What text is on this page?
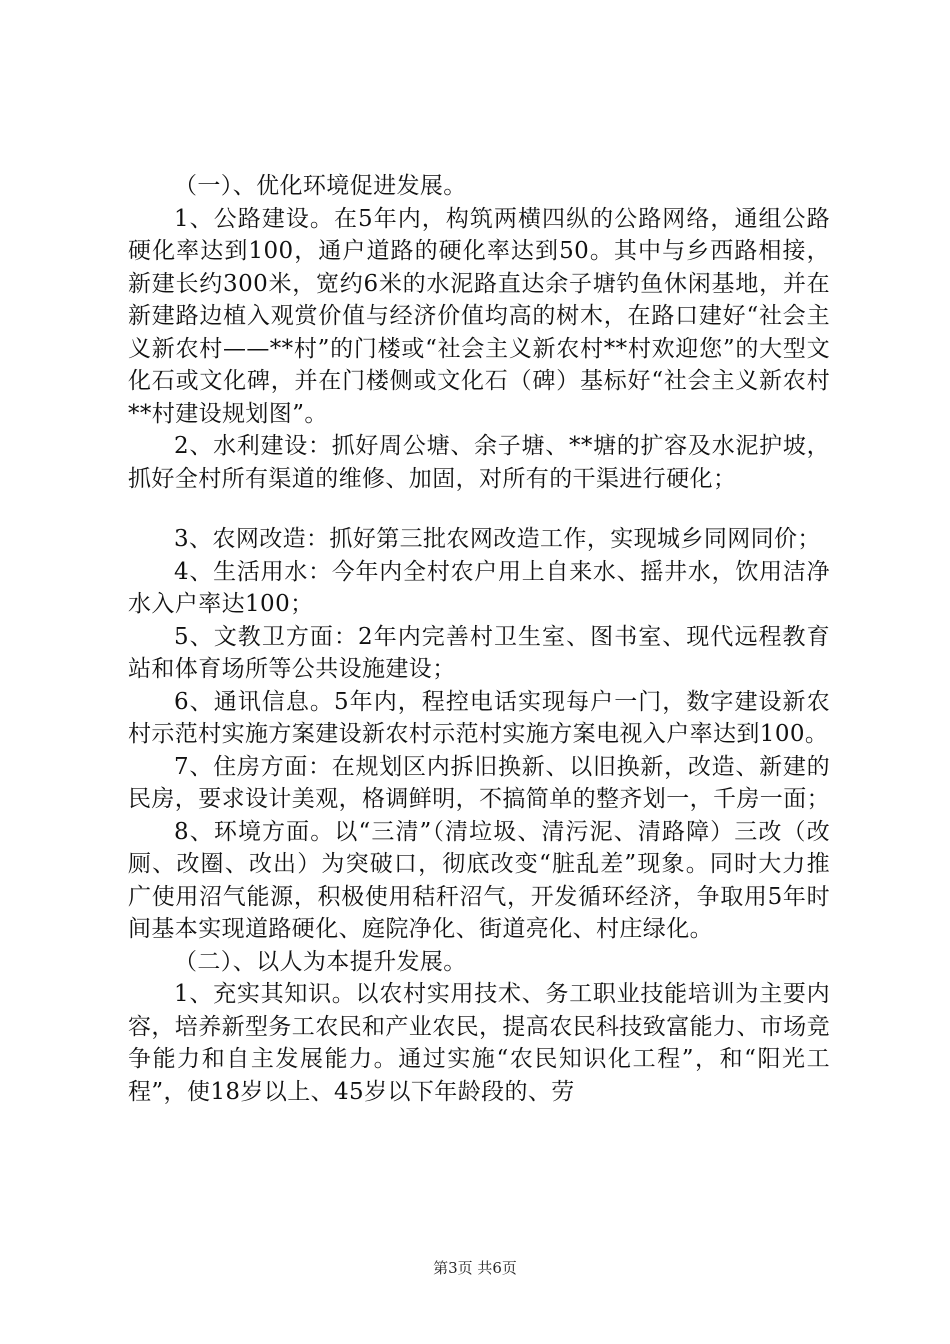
（一）、优化环境促进发展。

1、公路建设。在5年内，构筑两横四纵的公路网络，通组公路硬化率达到100，通户道路的硬化率达到50。其中与乡西路相接，新建长约300米，宽约6米的水泥路直达余子塘钓鱼休闲基地，并在新建路边植入观赏价值与经济价值均高的树木，在路口建好“社会主义新农村——**村”的门楼或“社会主义新农村**村欢迎您”的大型文化石或文化碑，并在门楼侧或文化石（碑）基标好“社会主义新农村**村建设规划图”。

2、水利建设：抓好周公塘、余子塘、**塘的扩容及水泥护坡，抓好全村所有渠道的维修、加固，对所有的干渠进行硬化；

3、农网改造：抓好第三批农网改造工作，实现城乡同网同价；

4、生活用水：今年内全村农户用上自来水、摇井水，饮用洁净水入户率达100；

5、文教卫方面：2年内完善村卫生室、图书室、现代远程教育站和体育场所等公共设施建设；

6、通讯信息。5年内，程控电话实现每户一门，数字建设新农村示范村实施方案建设新农村示范村实施方案电视入户率达到100。

7、住房方面：在规划区内拆旧换新、以旧换新，改造、新建的民房，要求设计美观，格调鲜明，不搞简单的整齐划一，千房一面；

8、环境方面。以“三清”（清垃圾、清污泥、清路障）三改（改厕、改圈、改出）为突破口，彻底改变“脏乱差”现象。同时大力推广使用沼气能源，积极使用秸秆沼气，开发循环经济，争取用5年时间基本实现道路硬化、庭院净化、街道亮化、村庄绿化。

（二）、以人为本提升发展。

1、充实其知识。以农村实用技术、务工职业技能培训为主要内容，培养新型务工农民和产业农民，提高农民科技致富能力、市场竞争能力和自主发展能力。通过实施“农民知识化工程”，和“阳光工程”，使18岁以上、45岁以下年龄段的、劳

第3页 共6页
